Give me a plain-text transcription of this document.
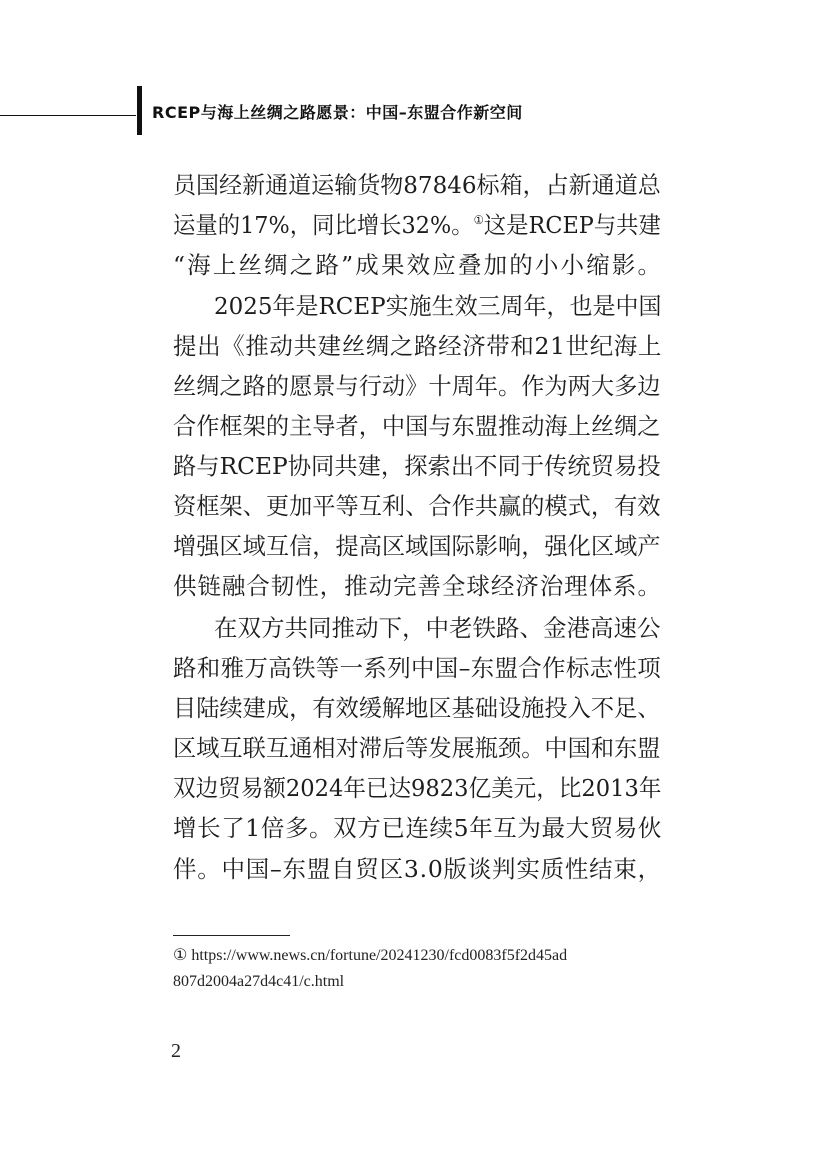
RCEP与海上丝绸之路愿景：中国–东盟合作新空间
员国经新通道运输货物87846标箱，占新通道总
运量的17%，同比增长32%。①这是RCEP与共建
“海上丝绸之路”成果效应叠加的小小缩影。
2025年是RCEP实施生效三周年，也是中国
提出《推动共建丝绸之路经济带和21世纪海上
丝绸之路的愿景与行动》十周年。作为两大多边
合作框架的主导者，中国与东盟推动海上丝绸之
路与RCEP协同共建，探索出不同于传统贸易投
资框架、更加平等互利、合作共赢的模式，有效
增强区域互信，提高区域国际影响，强化区域产
供链融合韧性，推动完善全球经济治理体系。
在双方共同推动下，中老铁路、金港高速公
路和雅万高铁等一系列中国–东盟合作标志性项
目陆续建成，有效缓解地区基础设施投入不足、
区域互联互通相对滞后等发展瓶颈。中国和东盟
双边贸易额2024年已达9823亿美元，比2013年
增长了1倍多。双方已连续5年互为最大贸易伙
伴。中国–东盟自贸区3.0版谈判实质性结束，
① https://www.news.cn/fortune/20241230/fcd0083f5f2d45ad
807d2004a27d4c41/c.html
2
